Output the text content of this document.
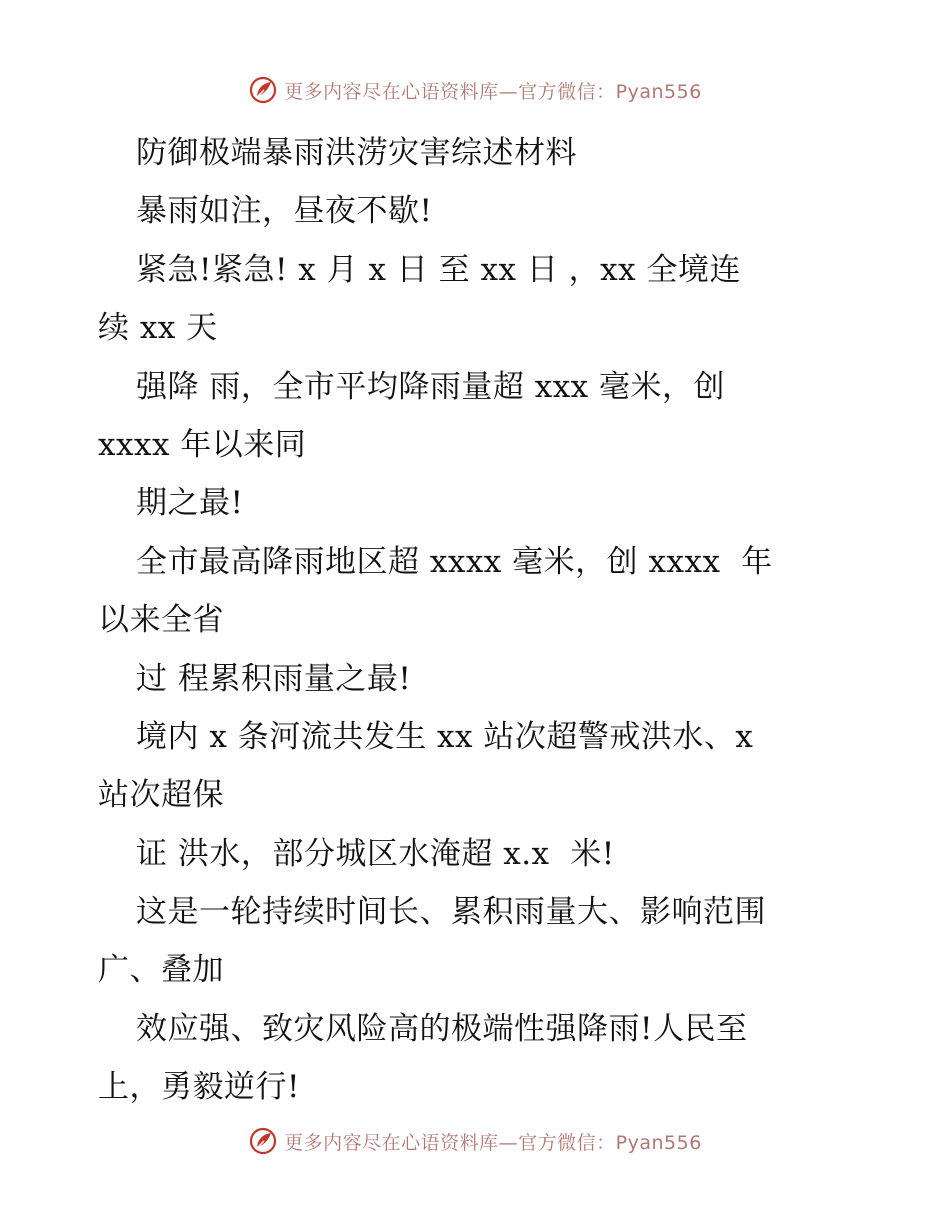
更多内容尽在心语资料库—官方微信：Pyan556
防御极端暴雨洪涝灾害综述材料
暴雨如注，昼夜不歇!
紧急!紧急! x 月 x 日 至 xx 日 ，xx 全境连
续 xx 天
强降 雨，全市平均降雨量超 xxx 毫米，创
xxxx 年以来同
期之最!
全市最高降雨地区超 xxxx 毫米，创 xxxx  年
以来全省
过 程累积雨量之最!
境内 x 条河流共发生 xx 站次超警戒洪水、x
站次超保
证 洪水，部分城区水淹超 x.x  米!
这是一轮持续时间长、累积雨量大、影响范围
广、叠加
效应强、致灾风险高的极端性强降雨!人民至
上，勇毅逆行!
更多内容尽在心语资料库—官方微信：Pyan556
